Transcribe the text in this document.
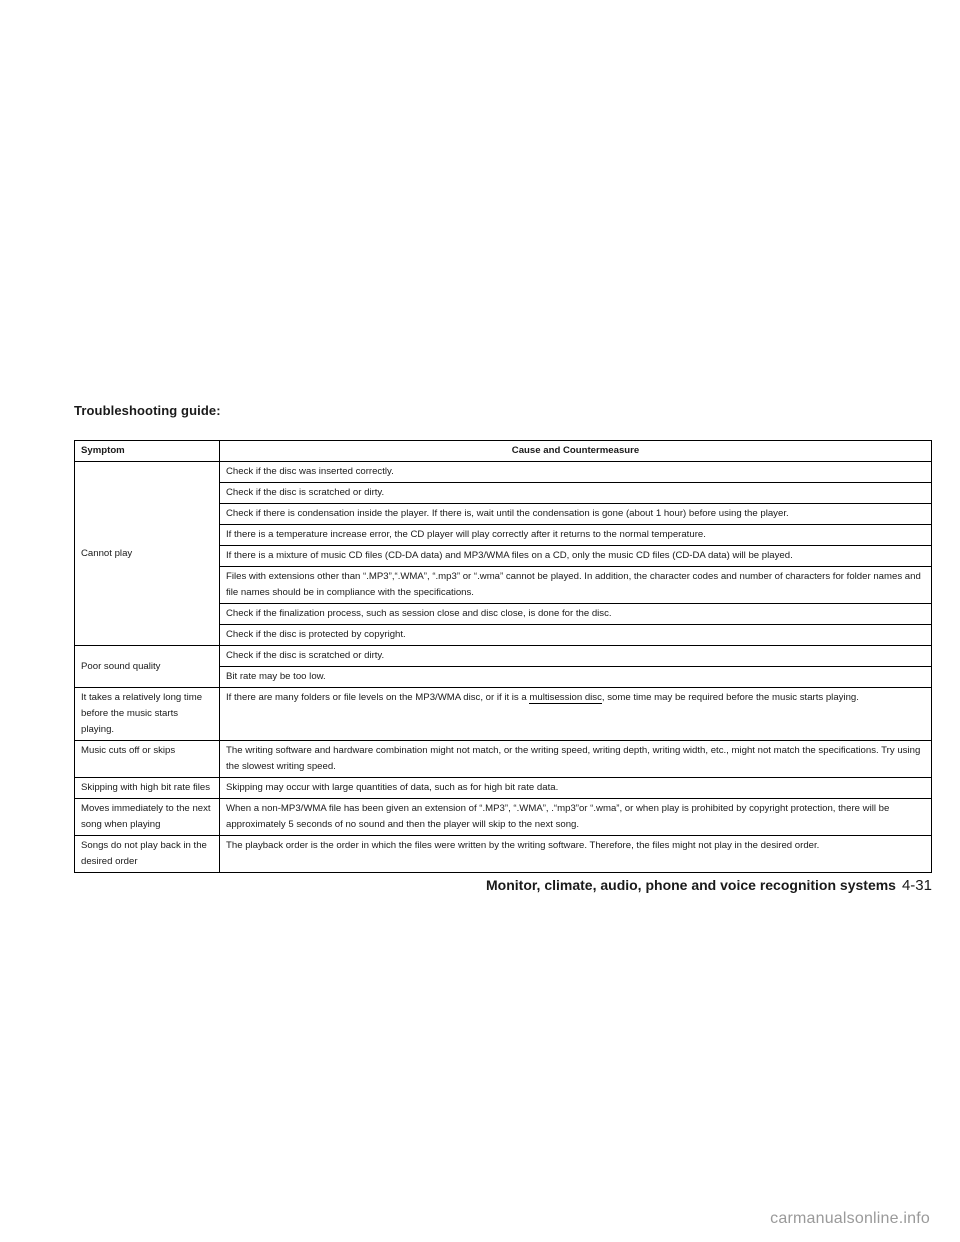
Troubleshooting guide:
Symptom	Cause and Countermeasure
Cannot play	Check if the disc was inserted correctly.
	Check if the disc is scratched or dirty.
	Check if there is condensation inside the player. If there is, wait until the condensation is gone (about 1 hour) before using the player.
	If there is a temperature increase error, the CD player will play correctly after it returns to the normal temperature.
	If there is a mixture of music CD files (CD-DA data) and MP3/WMA files on a CD, only the music CD files (CD-DA data) will be played.
	Files with extensions other than “.MP3”,“.WMA”, “.mp3” or “.wma” cannot be played. In addition, the character codes and number of characters for folder names and file names should be in compliance with the specifications.
	Check if the finalization process, such as session close and disc close, is done for the disc.
	Check if the disc is protected by copyright.
Poor sound quality	Check if the disc is scratched or dirty.
	Bit rate may be too low.
It takes a relatively long time before the music starts playing.	If there are many folders or file levels on the MP3/WMA disc, or if it is a multisession disc, some time may be required before the music starts playing.
Music cuts off or skips	The writing software and hardware combination might not match, or the writing speed, writing depth, writing width, etc., might not match the specifications. Try using the slowest writing speed.
Skipping with high bit rate files	Skipping may occur with large quantities of data, such as for high bit rate data.
Moves immediately to the next song when playing	When a non-MP3/WMA file has been given an extension of “.MP3”, “.WMA”, .“mp3”or “.wma”, or when play is prohibited by copyright protection, there will be approximately 5 seconds of no sound and then the player will skip to the next song.
Songs do not play back in the desired order	The playback order is the order in which the files were written by the writing software. Therefore, the files might not play in the desired order.
Monitor, climate, audio, phone and voice recognition systems 4-31
carmanualsonline.info
